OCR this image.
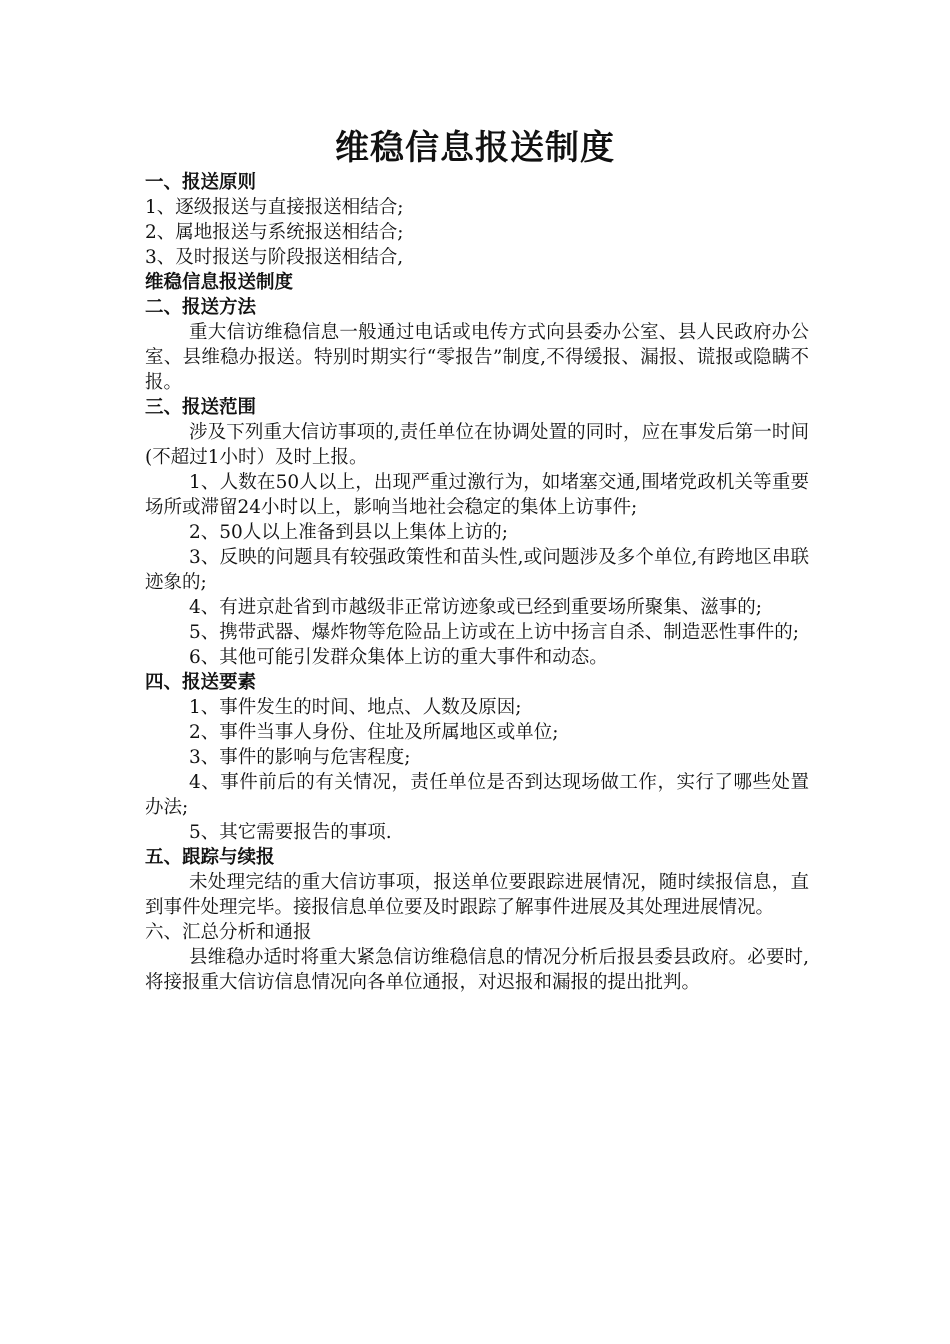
维稳信息报送制度
一、报送原则
1、逐级报送与直接报送相结合;
2、属地报送与系统报送相结合;
3、及时报送与阶段报送相结合,
维稳信息报送制度
二、报送方法

重大信访维稳信息一般通过电话或电传方式向县委办公室、县人民政府办公室、县维稳办报送。特别时期实行“零报告”制度,不得缓报、漏报、谎报或隐瞒不报。

三、报送范围

涉及下列重大信访事项的,责任单位在协调处置的同时，应在事发后第一时间(不超过1小时）及时上报。

1、人数在50人以上，出现严重过激行为，如堵塞交通,围堵党政机关等重要场所或滞留24小时以上，影响当地社会稳定的集体上访事件;

2、50人以上准备到县以上集体上访的;

3、反映的问题具有较强政策性和苗头性,或问题涉及多个单位,有跨地区串联迹象的;

4、有进京赴省到市越级非正常访迹象或已经到重要场所聚集、滋事的;

5、携带武器、爆炸物等危险品上访或在上访中扬言自杀、制造恶性事件的;

6、其他可能引发群众集体上访的重大事件和动态。

四、报送要素

1、事件发生的时间、地点、人数及原因;

2、事件当事人身份、住址及所属地区或单位;

3、事件的影响与危害程度;

4、事件前后的有关情况，责任单位是否到达现场做工作，实行了哪些处置办法;

5、其它需要报告的事项.

五、跟踪与续报

未处理完结的重大信访事项，报送单位要跟踪进展情况，随时续报信息，直到事件处理完毕。接报信息单位要及时跟踪了解事件进展及其处理进展情况。

六、汇总分析和通报

县维稳办适时将重大紧急信访维稳信息的情况分析后报县委县政府。必要时,将接报重大信访信息情况向各单位通报，对迟报和漏报的提出批判。
